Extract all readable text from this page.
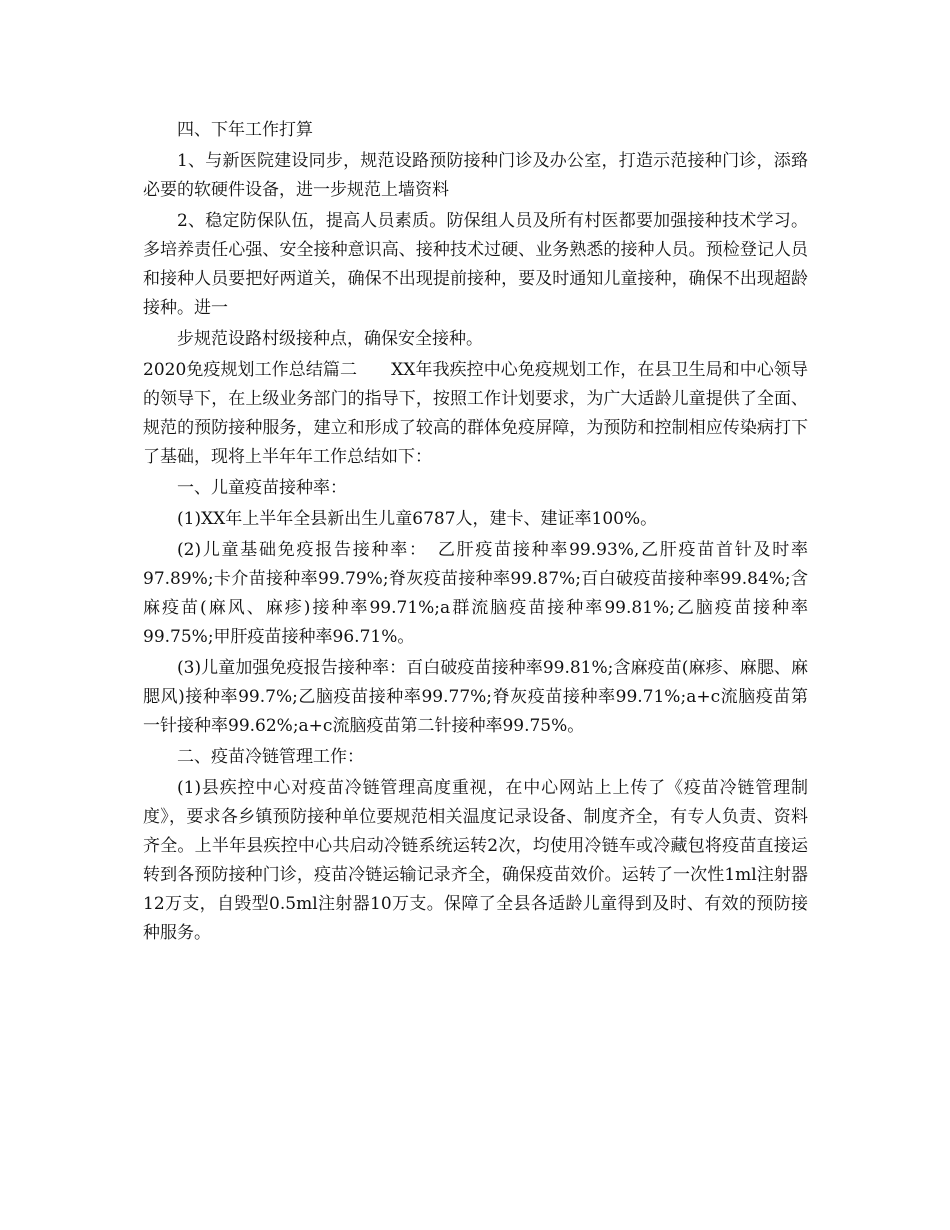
四、下年工作打算

1、与新医院建设同步，规范设路预防接种门诊及办公室，打造示范接种门诊，添臵必要的软硬件设备，进一步规范上墙资料

2、稳定防保队伍，提高人员素质。防保组人员及所有村医都要加强接种技术学习。多培养责任心强、安全接种意识高、接种技术过硬、业务熟悉的接种人员。预检登记人员和接种人员要把好两道关，确保不出现提前接种，要及时通知儿童接种，确保不出现超龄接种。进一

步规范设路村级接种点，确保安全接种。

2020免疫规划工作总结篇二　　XX年我疾控中心免疫规划工作，在县卫生局和中心领导的领导下，在上级业务部门的指导下，按照工作计划要求，为广大适龄儿童提供了全面、规范的预防接种服务，建立和形成了较高的群体免疫屏障，为预防和控制相应传染病打下了基础，现将上半年年工作总结如下：

一、儿童疫苗接种率：

(1)XX年上半年全县新出生儿童6787人，建卡、建证率100%。

(2)儿童基础免疫报告接种率：　乙肝疫苗接种率99.93%,乙肝疫苗首针及时率97.89%;卡介苗接种率99.79%;脊灰疫苗接种率99.87%;百白破疫苗接种率99.84%;含麻疫苗(麻风、麻疹)接种率99.71%;a群流脑疫苗接种率99.81%;乙脑疫苗接种率99.75%;甲肝疫苗接种率96.71%。

(3)儿童加强免疫报告接种率：百白破疫苗接种率99.81%;含麻疫苗(麻疹、麻腮、麻腮风)接种率99.7%;乙脑疫苗接种率99.77%;脊灰疫苗接种率99.71%;a+c流脑疫苗第一针接种率99.62%;a+c流脑疫苗第二针接种率99.75%。

二、疫苗冷链管理工作：

(1)县疾控中心对疫苗冷链管理高度重视，在中心网站上上传了《疫苗冷链管理制度》，要求各乡镇预防接种单位要规范相关温度记录设备、制度齐全，有专人负责、资料齐全。上半年县疾控中心共启动冷链系统运转2次，均使用冷链车或冷藏包将疫苗直接运转到各预防接种门诊，疫苗冷链运输记录齐全，确保疫苗效价。运转了一次性1ml注射器12万支，自毁型0.5ml注射器10万支。保障了全县各适龄儿童得到及时、有效的预防接种服务。
